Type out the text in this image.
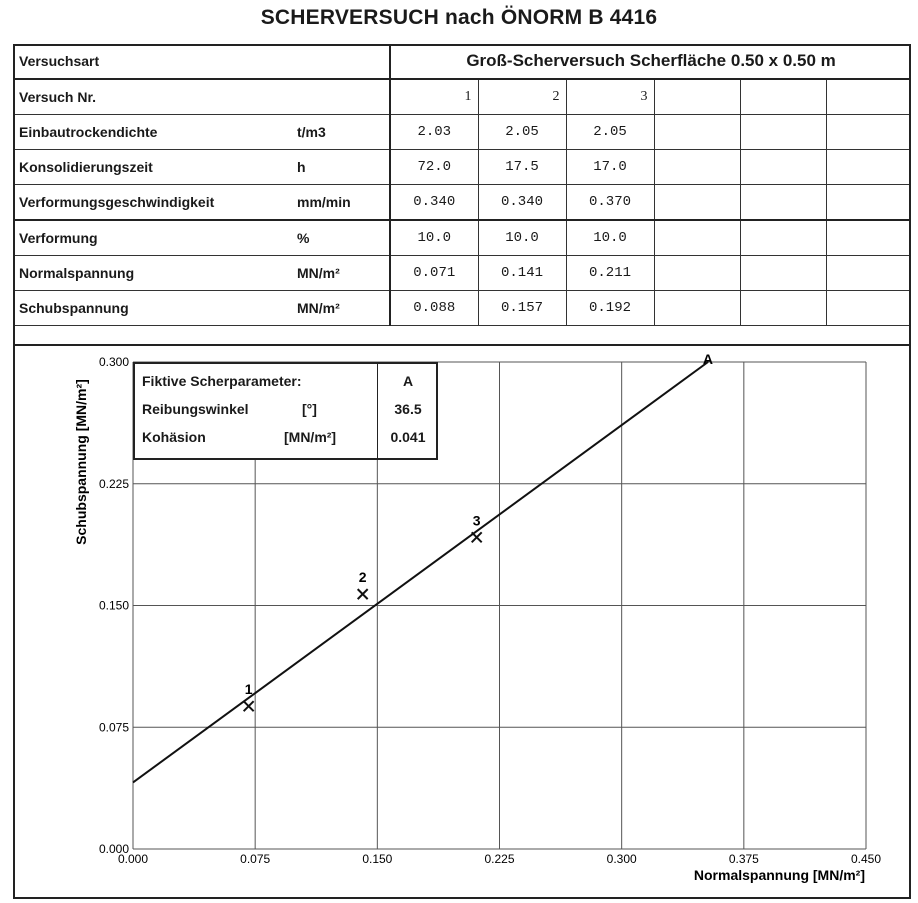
SCHERVERSUCH nach ÖNORM B 4416
Versuchsart		Groß-Scherversuch Scherfläche 0.50 x 0.50 m					
Versuch Nr.		1	2	3			
Einbautrockendichte	t/m3	2.03	2.05	2.05			
Konsolidierungszeit	h	72.0	17.5	17.0			
Verformungsgeschwindigkeit	mm/min	0.340	0.340	0.370			
Verformung	%	10.0	10.0	10.0			
Normalspannung	MN/m²	0.071	0.141	0.211			
Schubspannung	MN/m²	0.088	0.157	0.192			
0.000	0.075	0.150	0.225	0.300	0.375	0.450
0.000
0.075
0.150
0.225
0.300	A
1
2
3
Normalspannung [MN/m²]
Schubspannung [MN/m²]	Fiktive Scherparameter:	A
Reibungswinkel	[°]	36.5
Kohäsion	[MN/m²]	0.041
